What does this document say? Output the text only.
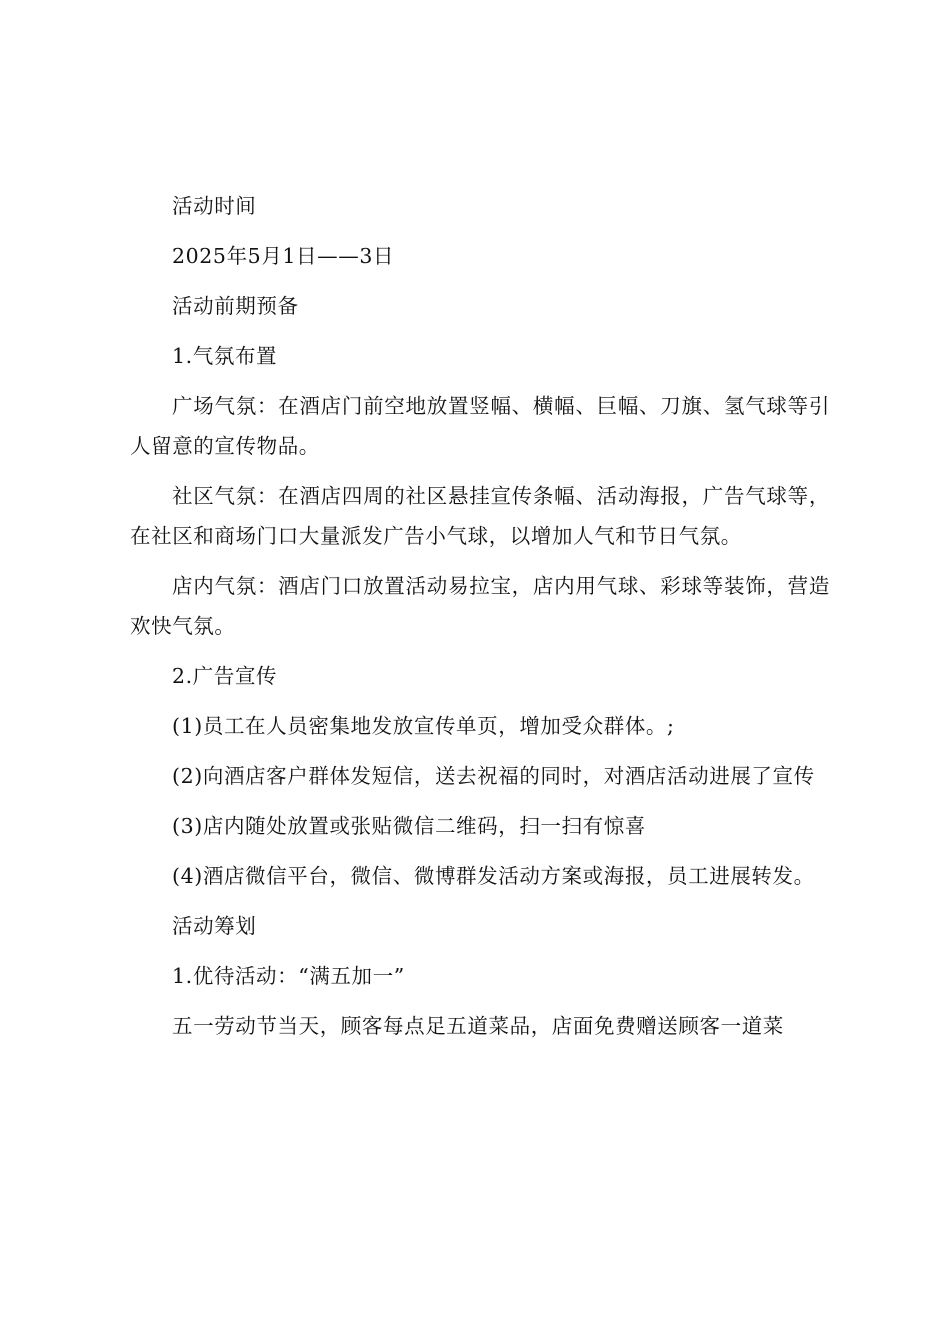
活动时间

2025年5月1日——3日

活动前期预备

1.气氛布置

广场气氛：在酒店门前空地放置竖幅、横幅、巨幅、刀旗、氢气球等引人留意的宣传物品。

社区气氛：在酒店四周的社区悬挂宣传条幅、活动海报，广告气球等，在社区和商场门口大量派发广告小气球，以增加人气和节日气氛。

店内气氛：酒店门口放置活动易拉宝，店内用气球、彩球等装饰，营造欢快气氛。

2.广告宣传

(1)员工在人员密集地发放宣传单页，增加受众群体。;

(2)向酒店客户群体发短信，送去祝福的同时，对酒店活动进展了宣传

(3)店内随处放置或张贴微信二维码，扫一扫有惊喜

(4)酒店微信平台，微信、微博群发活动方案或海报，员工进展转发。

活动筹划

1.优待活动：“满五加一”

五一劳动节当天，顾客每点足五道菜品，店面免费赠送顾客一道菜
